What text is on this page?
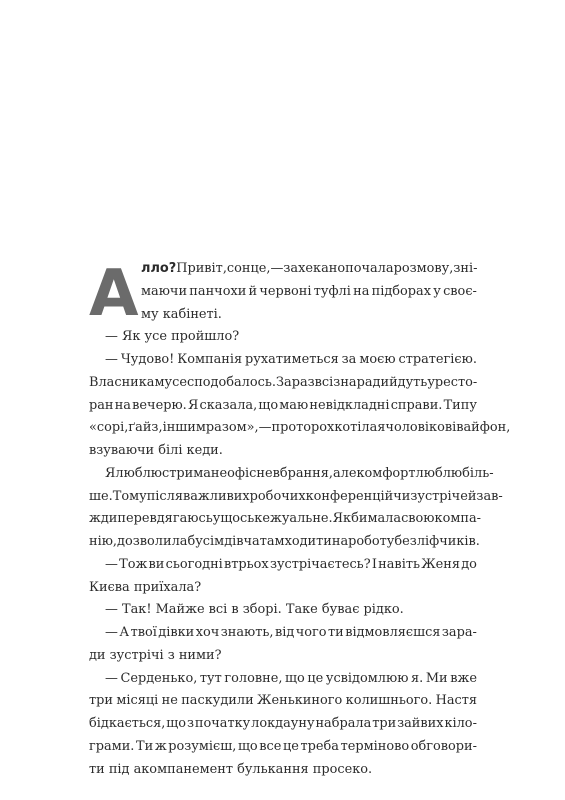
А лло? Привіт, сонце, — захекано почала розмову, зні-
маючи панчохи й червоні туфлі на підборах у своє-
му кабінеті.
— Як усе пройшло?
— Чудово! Компанія рухатиметься за моєю стратегією.
Власникам усе сподобалось. Зараз всі з наради йдуть у ресто-
ран на вечерю. Я сказала, що маю невідкладні справи. Типу
«сорі, ґайз, іншим разом», — проторохкотіла я чоловікові в айфон,
взуваючи білі кеди.
Я люблю стримане офісне вбрання, але комфорт люблю біль-
ше. Тому після важливих робочих конференцій чи зустрічей зав-
жди перевдягаюсь у щось кежуальне. Якби мала свою компа-
нію, дозволила б усім дівчатам ходити на роботу без ліфчиків.
— Тож ви сьогодні втрьох зустрічаєтесь? І навіть Женя до
Києва приїхала?
— Так! Майже всі в зборі. Таке буває рідко.
— А твої дівки хоч знають, від чого ти відмовляєшся зара-
ди зустрічі з ними?
— Серденько, тут головне, що це усвідомлюю я. Ми вже
три місяці не паскудили Женькиного колишнього. Настя
бідкається, що з початку локдауну набрала три зайвих кіло-
грами. Ти ж розумієш, що все це треба терміново обговори-
ти під акомпанемент булькання просеко.
